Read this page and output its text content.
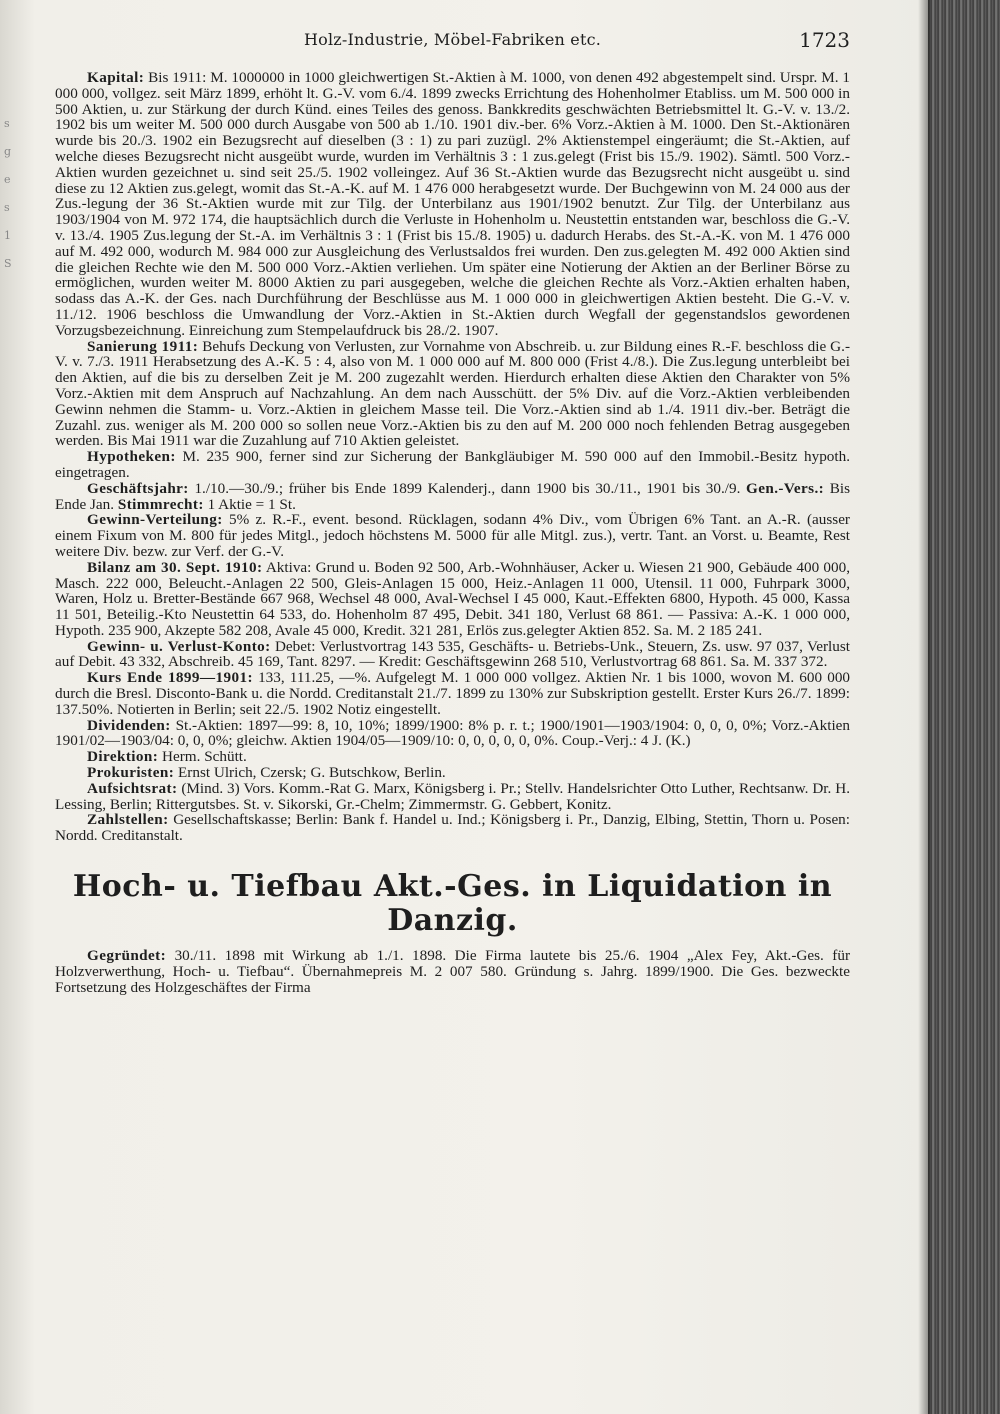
s
g
e
s
1
S
Holz-Industrie, Möbel-Fabriken etc.	1723

Kapital: Bis 1911: M. 1000000 in 1000 gleichwertigen St.-Aktien à M. 1000, von denen 492 abgestempelt sind. Urspr. M. 1 000 000, vollgez. seit März 1899, erhöht lt. G.-V. vom 6./4. 1899 zwecks Errichtung des Hohenholmer Etabliss. um M. 500 000 in 500 Aktien, u. zur Stärkung der durch Künd. eines Teiles des genoss. Bankkredits geschwächten Betriebsmittel lt. G.-V. v. 13./2. 1902 bis um weiter M. 500 000 durch Ausgabe von 500 ab 1./10. 1901 div.-ber. 6% Vorz.-Aktien à M. 1000. Den St.-Aktionären wurde bis 20./3. 1902 ein Bezugsrecht auf dieselben (3 : 1) zu pari zuzügl. 2% Aktienstempel eingeräumt; die St.-Aktien, auf welche dieses Bezugsrecht nicht ausgeübt wurde, wurden im Verhältnis 3 : 1 zus.gelegt (Frist bis 15./9. 1902). Sämtl. 500 Vorz.-Aktien wurden gezeichnet u. sind seit 25./5. 1902 volleingez. Auf 36 St.-Aktien wurde das Bezugsrecht nicht ausgeübt u. sind diese zu 12 Aktien zus.gelegt, womit das St.-A.-K. auf M. 1 476 000 herabgesetzt wurde. Der Buchgewinn von M. 24 000 aus der Zus.-legung der 36 St.-Aktien wurde mit zur Tilg. der Unterbilanz aus 1901/1902 benutzt. Zur Tilg. der Unterbilanz aus 1903/1904 von M. 972 174, die hauptsächlich durch die Verluste in Hohenholm u. Neustettin entstanden war, beschloss die G.-V. v. 13./4. 1905 Zus.legung der St.-A. im Verhältnis 3 : 1 (Frist bis 15./8. 1905) u. dadurch Herabs. des St.-A.-K. von M. 1 476 000 auf M. 492 000, wodurch M. 984 000 zur Ausgleichung des Verlustsaldos frei wurden. Den zus.gelegten M. 492 000 Aktien sind die gleichen Rechte wie den M. 500 000 Vorz.-Aktien verliehen. Um später eine Notierung der Aktien an der Berliner Börse zu ermöglichen, wurden weiter M. 8000 Aktien zu pari ausgegeben, welche die gleichen Rechte als Vorz.-Aktien erhalten haben, sodass das A.-K. der Ges. nach Durchführung der Beschlüsse aus M. 1 000 000 in gleichwertigen Aktien besteht. Die G.-V. v. 11./12. 1906 beschloss die Umwandlung der Vorz.-Aktien in St.-Aktien durch Wegfall der gegenstandslos gewordenen Vorzugsbezeichnung. Einreichung zum Stempelaufdruck bis 28./2. 1907.

Sanierung 1911: Behufs Deckung von Verlusten, zur Vornahme von Abschreib. u. zur Bildung eines R.-F. beschloss die G.-V. v. 7./3. 1911 Herabsetzung des A.-K. 5 : 4, also von M. 1 000 000 auf M. 800 000 (Frist 4./8.). Die Zus.legung unterbleibt bei den Aktien, auf die bis zu derselben Zeit je M. 200 zugezahlt werden. Hierdurch erhalten diese Aktien den Charakter von 5% Vorz.-Aktien mit dem Anspruch auf Nachzahlung. An dem nach Ausschütt. der 5% Div. auf die Vorz.-Aktien verbleibenden Gewinn nehmen die Stamm- u. Vorz.-Aktien in gleichem Masse teil. Die Vorz.-Aktien sind ab 1./4. 1911 div.-ber. Beträgt die Zuzahl. zus. weniger als M. 200 000 so sollen neue Vorz.-Aktien bis zu den auf M. 200 000 noch fehlenden Betrag ausgegeben werden. Bis Mai 1911 war die Zuzahlung auf 710 Aktien geleistet.

Hypotheken: M. 235 900, ferner sind zur Sicherung der Bankgläubiger M. 590 000 auf den Immobil.-Besitz hypoth. eingetragen.

Geschäftsjahr: 1./10.—30./9.; früher bis Ende 1899 Kalenderj., dann 1900 bis 30./11., 1901 bis 30./9. Gen.-Vers.: Bis Ende Jan. Stimmrecht: 1 Aktie = 1 St.

Gewinn-Verteilung: 5% z. R.-F., event. besond. Rücklagen, sodann 4% Div., vom Übrigen 6% Tant. an A.-R. (ausser einem Fixum von M. 800 für jedes Mitgl., jedoch höchstens M. 5000 für alle Mitgl. zus.), vertr. Tant. an Vorst. u. Beamte, Rest weitere Div. bezw. zur Verf. der G.-V.

Bilanz am 30. Sept. 1910: Aktiva: Grund u. Boden 92 500, Arb.-Wohnhäuser, Acker u. Wiesen 21 900, Gebäude 400 000, Masch. 222 000, Beleucht.-Anlagen 22 500, Gleis-Anlagen 15 000, Heiz.-Anlagen 11 000, Utensil. 11 000, Fuhrpark 3000, Waren, Holz u. Bretter-Bestände 667 968, Wechsel 48 000, Aval-Wechsel I 45 000, Kaut.-Effekten 6800, Hypoth. 45 000, Kassa 11 501, Beteilig.-Kto Neustettin 64 533, do. Hohenholm 87 495, Debit. 341 180, Verlust 68 861. — Passiva: A.-K. 1 000 000, Hypoth. 235 900, Akzepte 582 208, Avale 45 000, Kredit. 321 281, Erlös zus.gelegter Aktien 852. Sa. M. 2 185 241.

Gewinn- u. Verlust-Konto: Debet: Verlustvortrag 143 535, Geschäfts- u. Betriebs-Unk., Steuern, Zs. usw. 97 037, Verlust auf Debit. 43 332, Abschreib. 45 169, Tant. 8297. — Kredit: Geschäftsgewinn 268 510, Verlustvortrag 68 861. Sa. M. 337 372.

Kurs Ende 1899—1901: 133, 111.25, —%. Aufgelegt M. 1 000 000 vollgez. Aktien Nr. 1 bis 1000, wovon M. 600 000 durch die Bresl. Disconto-Bank u. die Nordd. Creditanstalt 21./7. 1899 zu 130% zur Subskription gestellt. Erster Kurs 26./7. 1899: 137.50%. Notierten in Berlin; seit 22./5. 1902 Notiz eingestellt.

Dividenden: St.-Aktien: 1897—99: 8, 10, 10%; 1899/1900: 8% p. r. t.; 1900/1901—1903/1904: 0, 0, 0, 0%; Vorz.-Aktien 1901/02—1903/04: 0, 0, 0%; gleichw. Aktien 1904/05—1909/10: 0, 0, 0, 0, 0, 0%. Coup.-Verj.: 4 J. (K.)

Direktion: Herm. Schütt.

Prokuristen: Ernst Ulrich, Czersk; G. Butschkow, Berlin.

Aufsichtsrat: (Mind. 3) Vors. Komm.-Rat G. Marx, Königsberg i. Pr.; Stellv. Handelsrichter Otto Luther, Rechtsanw. Dr. H. Lessing, Berlin; Rittergutsbes. St. v. Sikorski, Gr.-Chelm; Zimmermstr. G. Gebbert, Konitz.

Zahlstellen: Gesellschaftskasse; Berlin: Bank f. Handel u. Ind.; Königsberg i. Pr., Danzig, Elbing, Stettin, Thorn u. Posen: Nordd. Creditanstalt.

Hoch- u. Tiefbau Akt.-Ges. in Liquidation in Danzig.

Gegründet: 30./11. 1898 mit Wirkung ab 1./1. 1898. Die Firma lautete bis 25./6. 1904 „Alex Fey, Akt.-Ges. für Holzverwerthung, Hoch- u. Tiefbau“. Übernahmepreis M. 2 007 580. Gründung s. Jahrg. 1899/1900. Die Ges. bezweckte Fortsetzung des Holzgeschäftes der Firma
